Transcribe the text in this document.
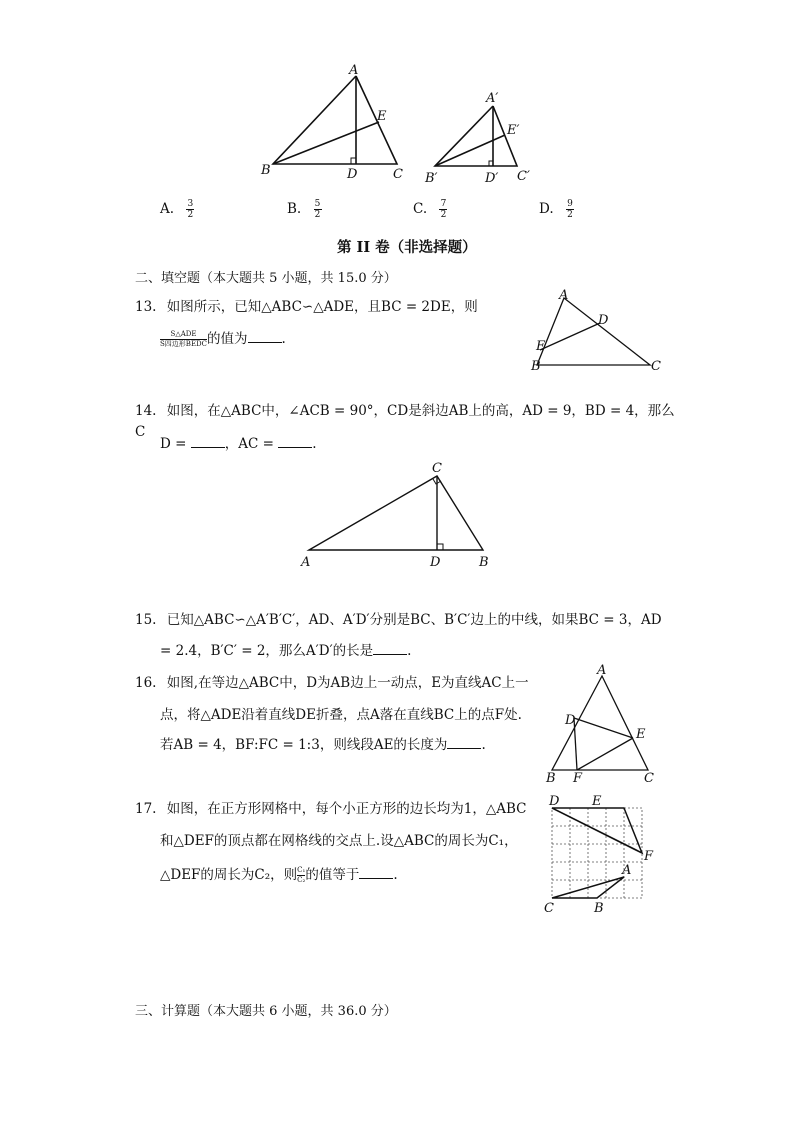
A
E
B	D	C
A′
E′
B′	D′ C′
A. $\frac{3}{2}$	B. $\frac{5}{2}$	C. $\frac{7}{2}$	D. $\frac{9}{2}$
第 II 卷（非选择题）
二、填空题（本大题共 5 小题，共 15.0 分）
13. 如图所示，已知△ABC∽△ADE，且BC = 2DE，则
$\frac{\text{S△ADE}}{\text{S四边形BEDC}}$的值为	.
A
D
E
B	C
14. 如图，在△ABC中，∠ACB = 90°，CD是斜边AB上的高，AD = 9，BD = 4，那么C
D =	，AC =	.
C
A	D	B
15. 已知△ABC∽△A′B′C′，AD、A′D′分别是BC、B′C′边上的中线，如果BC = 3，AD
= 2.4，B′C′ = 2，那么A′D′的长是	.
16. 如图,在等边△ABC中，D为AB边上一动点，E为直线AC上一
点，将△ADE沿着直线DE折叠，点A落在直线BC上的点F处.
若AB = 4，BF:FC = 1:3，则线段AE的长度为	.
A
D
E
B F	C
17. 如图，在正方形网格中，每个小正方形的边长均为1，△ABC
和△DEF的顶点都在网格线的交点上.设△ABC的周长为C₁，
△DEF的周长为C₂，则$\frac{\text{C₁}}{\text{C₂}}$的值等于	.
D	E
F
A
C	B
三、计算题（本大题共 6 小题，共 36.0 分）
